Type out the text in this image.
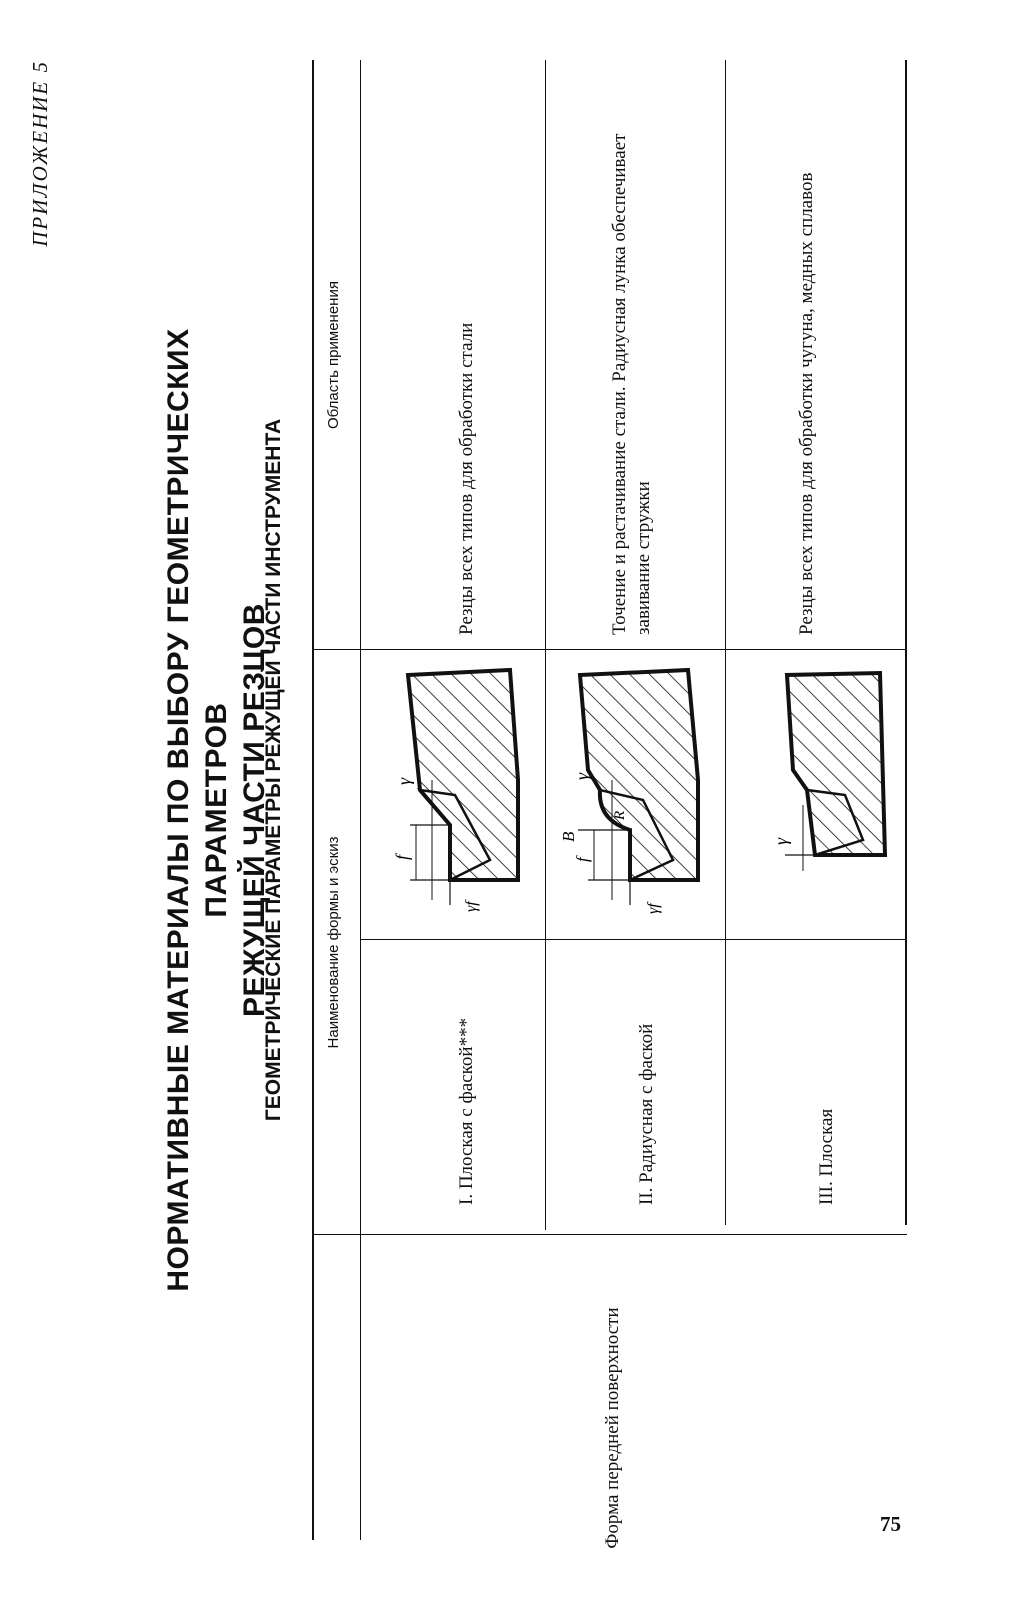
ПРИЛОЖЕНИЕ 5
НОРМАТИВНЫЕ МАТЕРИАЛЫ ПО ВЫБОРУ ГЕОМЕТРИЧЕСКИХ ПАРАМЕТРОВ РЕЖУЩЕЙ ЧАСТИ РЕЗЦОВ
ГЕОМЕТРИЧЕСКИЕ ПАРАМЕТРЫ РЕЖУЩЕЙ ЧАСТИ ИНСТРУМЕНТА	Наименование формы и эскиз
Область применения
Форма передней поверхности
I. Плоская с фаской***
f
γ
γf
Резцы всех типов для обработки стали
II. Радиусная с фаской
B
f
R
γ
γf
Точение и растачивание стали. Радиусная лунка обеспечивает завивание стружки
III. Плоская
γ
Резцы всех типов для обработки чугуна, медных сплавов
75
